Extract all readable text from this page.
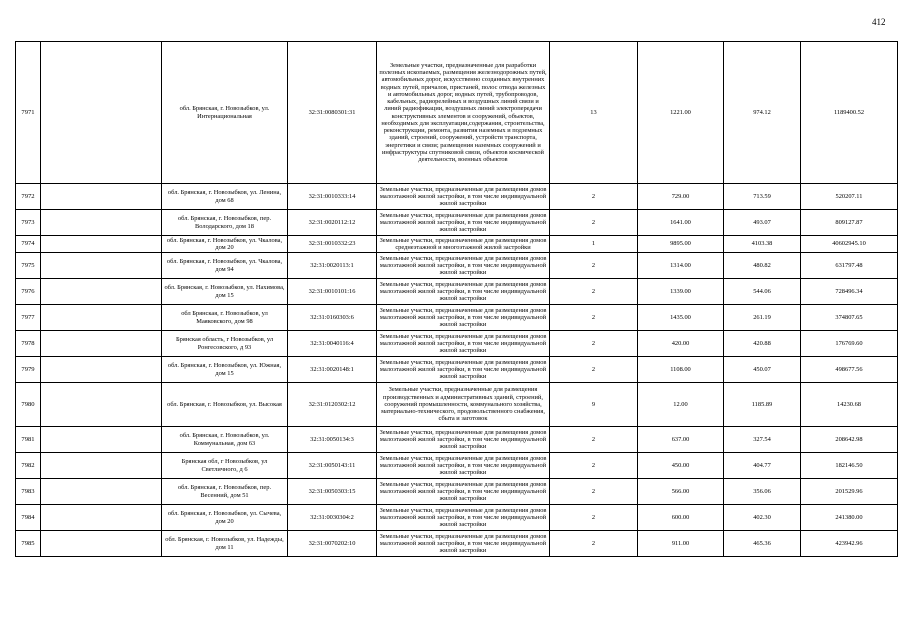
412
7971		обл. Брянская, г. Новозыбков, ул. Интернациональная	32:31:0080301:31	Земельные участки, предназначенные для разработки полезных ископаемых, размещения железнодорожных путей, автомобильных дорог, искусственно созданных внутренних водных путей, причалов, пристаней, полос отвода железных и автомобильных дорог, водных путей, трубопроводов, кабельных, радиорелейных и воздушных линий связи и линий радиофикации, воздушных линий электропередачи конструктивных элементов и сооружений, объектов, необходимых для эксплуатации,содержания, строительства, реконструкции, ремонта, развития наземных и подземных зданий, строений, сооружений, устройств транспорта, энергетики и связи; размещения наземных сооружений и инфраструктуры спутниковой связи, объектов космической деятельности, военных объектов	13	1221.00	974.12	1189400.52
7972		обл. Брянская, г. Новозыбков, ул. Ленина, дом 68	32:31:0010333:14	Земельные участки, предназначенные для размещения домов малоэтажной жилой застройки, в том числе индивидуальной жилой застройки	2	729.00	713.59	520207.11
7973		обл. Брянская, г. Новозыбков, пер. Володарского, дом 18	32:31:0020112:12	Земельные участки, предназначенные для размещения домов малоэтажной жилой застройки, в том числе индивидуальной жилой застройки	2	1641.00	493.07	809127.87
7974		обл. Брянская, г. Новозыбков, ул. Чкалова, дом 20	32:31:0010332:23	Земельные участки, предназначенные для размещения домов среднеэтажной и многоэтажной жилой застройки	1	9895.00	4103.38	40602945.10
7975		обл. Брянская, г. Новозыбков, ул. Чкалова, дом 94	32:31:0020113:1	Земельные участки, предназначенные для размещения домов малоэтажной жилой застройки, в том числе индивидуальной жилой застройки	2	1314.00	480.82	631797.48
7976		обл. Брянская, г. Новозыбков, ул. Нахимова, дом 15	32:31:0010101:16	Земельные участки, предназначенные для размещения домов малоэтажной жилой застройки, в том числе индивидуальной жилой застройки	2	1339.00	544.06	728496.34
7977		обл Брянская, г. Новозыбков, ул Маяковского, дом 98	32:31:0160303:6	Земельные участки, предназначенные для размещения домов малоэтажной жилой застройки, в том числе индивидуальной жилой застройки	2	1435.00	261.19	374807.65
7978		Брянская область, г Новозыбков, ул Ронгесовского, д 93	32:31:0040116:4	Земельные участки, предназначенные для размещения домов малоэтажной жилой застройки, в том числе индивидуальной жилой застройки	2	420.00	420.88	176769.60
7979		обл. Брянская, г. Новозыбков, ул. Южная, дом 15	32:31:0020148:1	Земельные участки, предназначенные для размещения домов малоэтажной жилой застройки, в том числе индивидуальной жилой застройки	2	1108.00	450.07	498677.56
7980		обл. Брянская, г. Новозыбков, ул. Высокая	32:31:0120302:12	Земельные участки, предназначенные для размещения производственных и административных зданий, строений, сооружений промышленности, коммунального хозяйства, материально-технического, продовольственного снабжения, сбыта и заготовок	9	12.00	1185.89	14230.68
7981		обл. Брянская, г. Новозыбков, ул. Коммунальная, дом 63	32:31:0050134:3	Земельные участки, предназначенные для размещения домов малоэтажной жилой застройки, в том числе индивидуальной жилой застройки	2	637.00	327.54	208642.98
7982		Брянская обл, г Новозыбков, ул Светличного, д 6	32:31:0050143:11	Земельные участки, предназначенные для размещения домов малоэтажной жилой застройки, в том числе индивидуальной жилой застройки	2	450.00	404.77	182146.50
7983		обл. Брянская, г. Новозыбков, пер. Весенний, дом 51	32:31:0050303:15	Земельные участки, предназначенные для размещения домов малоэтажной жилой застройки, в том числе индивидуальной жилой застройки	2	566.00	356.06	201529.96
7984		обл. Брянская, г. Новозыбков, ул. Сычева, дом 20	32:31:0030304:2	Земельные участки, предназначенные для размещения домов малоэтажной жилой застройки, в том числе индивидуальной жилой застройки	2	600.00	402.30	241380.00
7985		обл. Брянская, г. Новозыбков, ул. Надежды, дом 11	32:31:0070202:10	Земельные участки, предназначенные для размещения домов малоэтажной жилой застройки, в том числе индивидуальной жилой застройки	2	911.00	465.36	423942.96
